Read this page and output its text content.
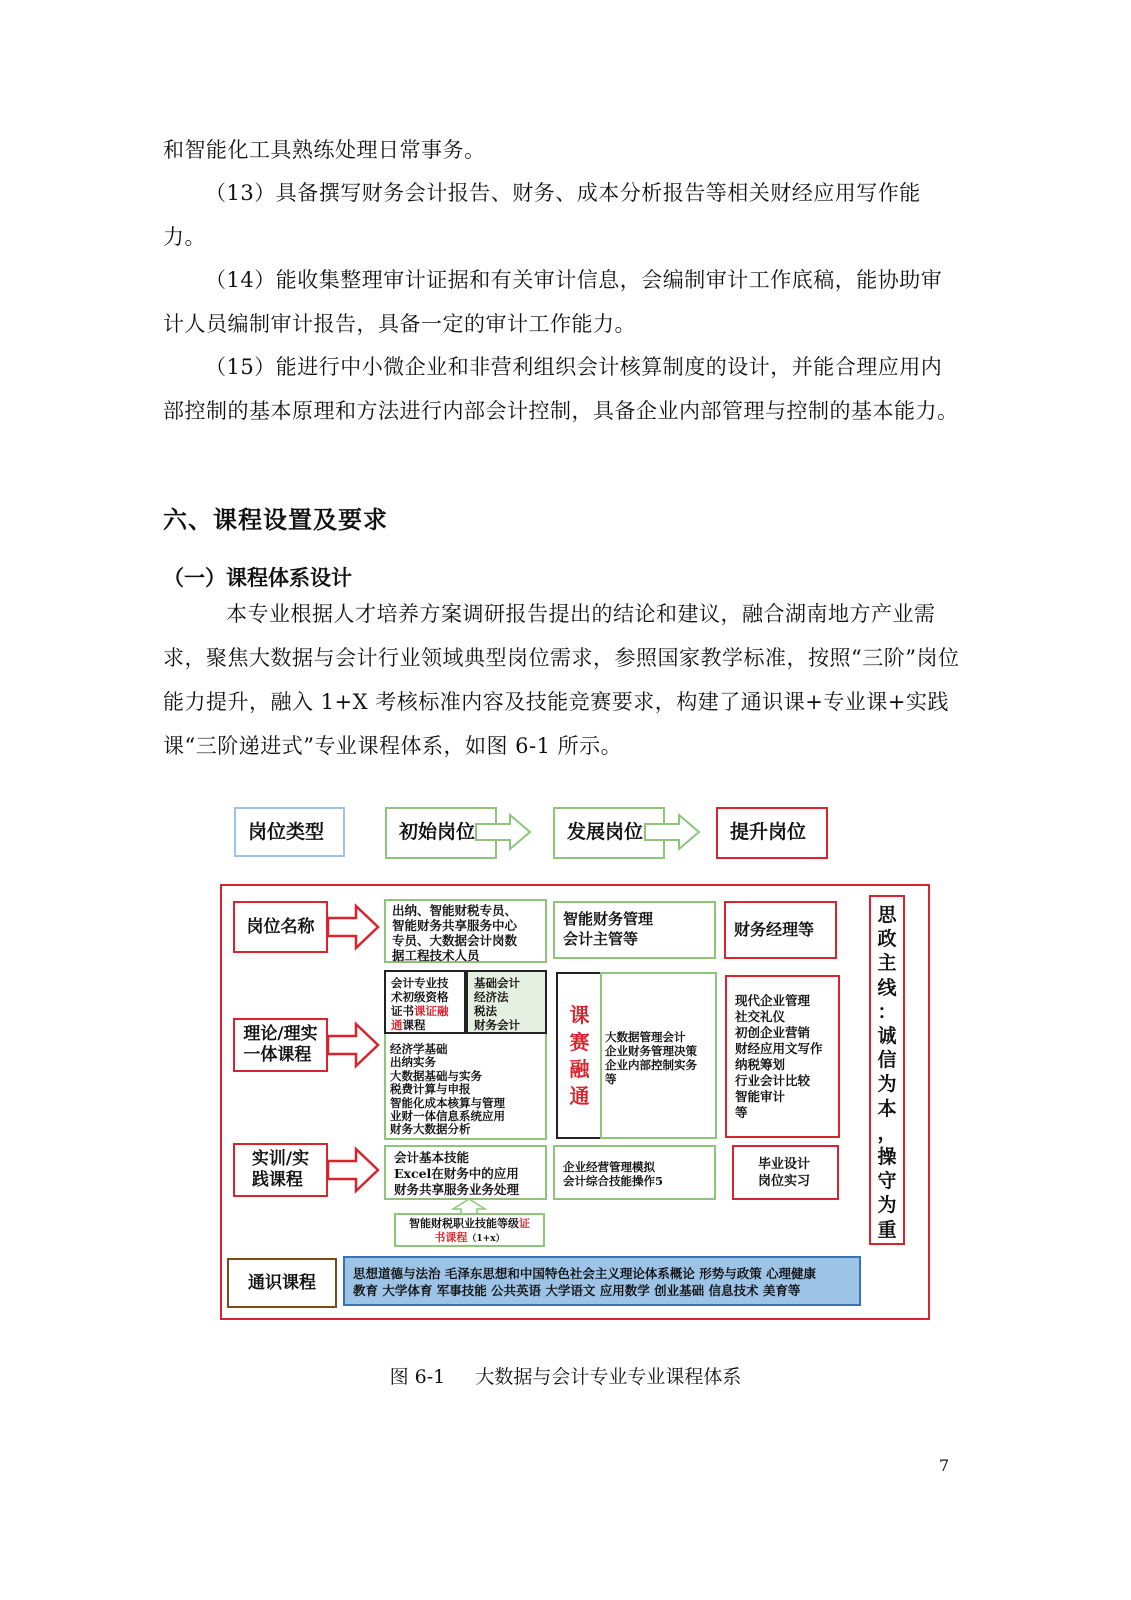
和智能化工具熟练处理日常事务。

（13）具备撰写财务会计报告、财务、成本分析报告等相关财经应用写作能力。

（14）能收集整理审计证据和有关审计信息，会编制审计工作底稿，能协助审计人员编制审计报告，具备一定的审计工作能力。

（15）能进行中小微企业和非营利组织会计核算制度的设计，并能合理应用内部控制的基本原理和方法进行内部会计控制，具备企业内部管理与控制的基本能力。

六、课程设置及要求
（一）课程体系设计

本专业根据人才培养方案调研报告提出的结论和建议，融合湖南地方产业需 求，聚焦大数据与会计行业领域典型岗位需求，参照国家教学标准，按照“三阶”岗位能力提升，融入 1+X 考核标准内容及技能竞赛要求，构建了通识课+专业课+实践课“三阶递进式”专业课程体系，如图 6-1 所示。

岗位类型	初始岗位	发展岗位	提升岗位
岗位名称
理论/理实
一体课程
实训/实
践课程
通识课程
出纳、智能财税专员、
智能财务共享服务中心
专员、大数据会计岗数
据工程技术人员
智能财务管理
会计主管等	财务经理等
会计专业技
术初级资格
证书课证融
通课程
基础会计
经济法
税法
财务会计
经济学基础
出纳实务
大数据基础与实务
税费计算与申报
智能化成本核算与管理
业财一体信息系统应用
财务大数据分析
课
赛
融
通
大数据管理会计
企业财务管理决策
企业内部控制实务
等
现代企业管理
社交礼仪
初创企业营销
财经应用文写作
纳税筹划
行业会计比较
智能审计
等
会计基本技能
Excel在财务中的应用
财务共享服务业务处理
企业经营管理模拟
会计综合技能操作5
毕业设计
岗位实习
智能财税职业技能等级证
书课程（1+x）
思想道德与法治 毛泽东思想和中国特色社会主义理论体系概论 形势与政策 心理健康
教育 大学体育 军事技能 公共英语 大学语文 应用数学 创业基础 信息技术 美育等
思
政
主
线
：
诚
信
为
本
，
操
守
为
重
图 6-1     大数据与会计专业专业课程体系
7
